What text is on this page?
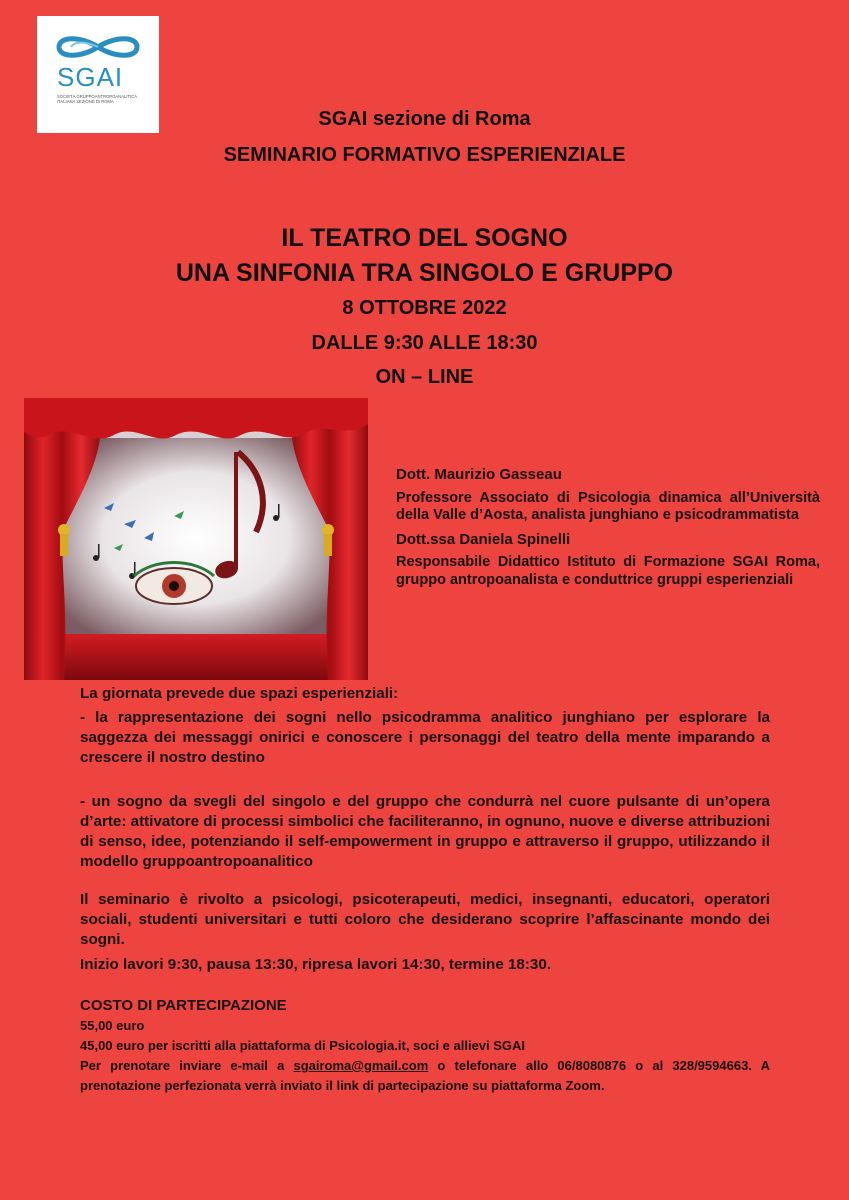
SGAI
SOCIETÀ GRUPPOANTROPOANALITICA ITALIANA SEZIONE DI ROMA
SGAI sezione di Roma
SEMINARIO FORMATIVO ESPERIENZIALE
IL TEATRO DEL SOGNO
UNA SINFONIA TRA SINGOLO E GRUPPO
8 OTTOBRE 2022
DALLE 9:30 ALLE 18:30
ON – LINE
Dott. Maurizio Gasseau
Professore Associato di Psicologia dinamica all’Università della Valle d’Aosta, analista junghiano e psicodrammatista
Dott.ssa Daniela Spinelli
Responsabile Didattico Istituto di Formazione SGAI Roma, gruppo antropoanalista e conduttrice gruppi esperienziali
La giornata prevede due spazi esperienziali:
- la rappresentazione dei sogni nello psicodramma analitico junghiano per esplorare la saggezza dei messaggi onirici e conoscere i personaggi del teatro della mente imparando a crescere il nostro destino
- un sogno da svegli del singolo e del gruppo che condurrà nel cuore pulsante di un’opera d’arte: attivatore di processi simbolici che faciliteranno, in ognuno, nuove e diverse attribuzioni di senso, idee, potenziando il self-empowerment in gruppo e attraverso il gruppo, utilizzando il modello gruppoantropoanalitico
Il seminario è rivolto a psicologi, psicoterapeuti, medici, insegnanti, educatori, operatori sociali, studenti universitari e tutti coloro che desiderano scoprire l’affascinante mondo dei sogni.
Inizio lavori 9:30, pausa 13:30, ripresa lavori 14:30, termine 18:30.
COSTO DI PARTECIPAZIONE
55,00 euro
45,00 euro per iscritti alla piattaforma di Psicologia.it, soci e allievi SGAI
Per prenotare inviare e-mail a sgairoma@gmail.com o telefonare allo 06/8080876 o al 328/9594663. A prenotazione perfezionata verrà inviato il link di partecipazione su piattaforma Zoom.
